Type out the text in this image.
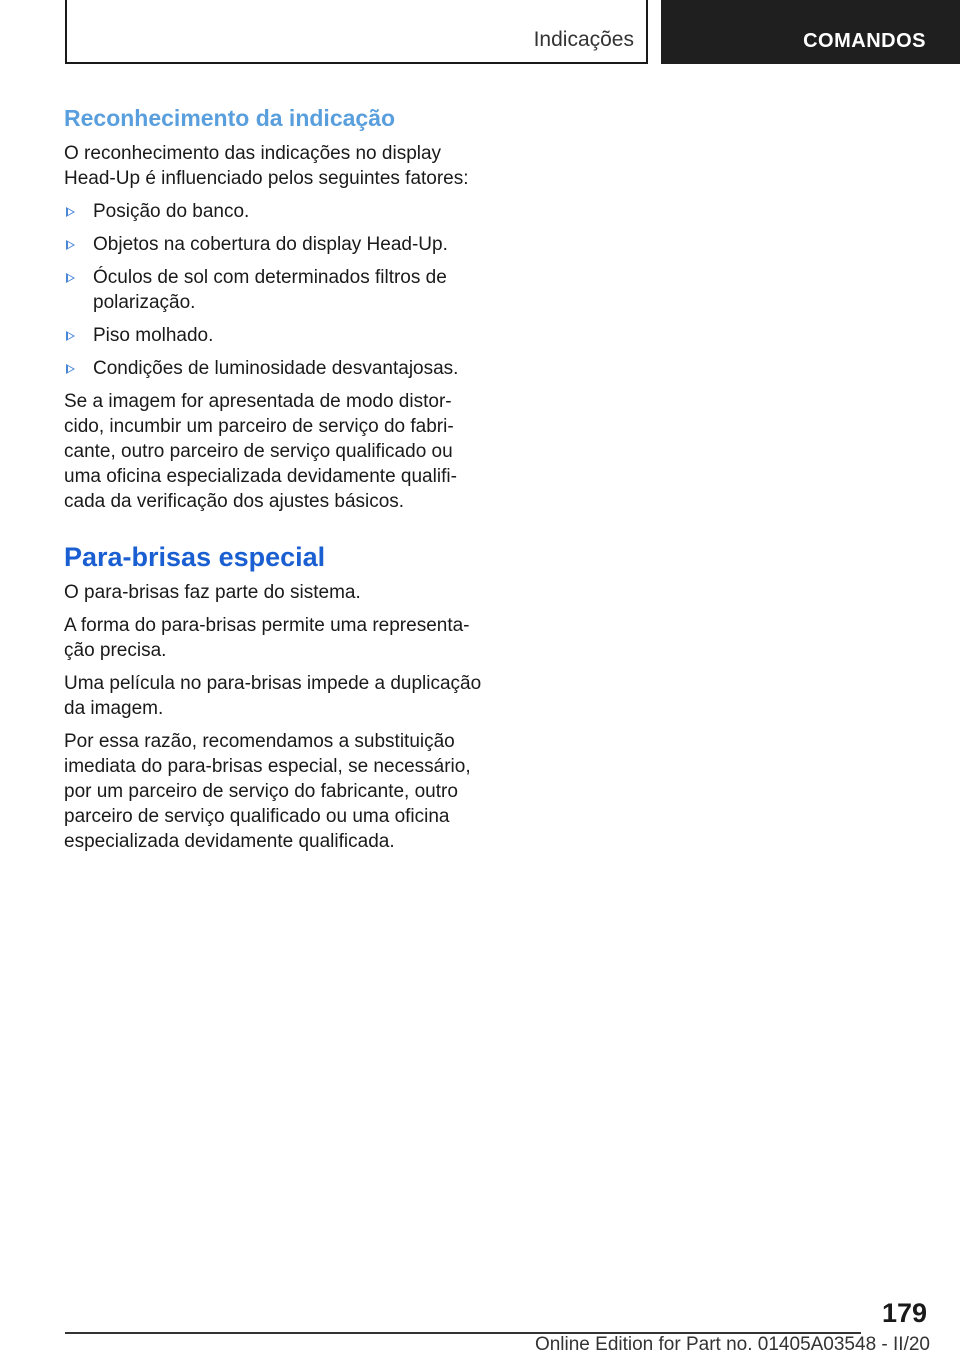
Indicações	COMANDOS
Reconhecimento da indicação

O reconhecimento das indicações no display Head-Up é influenciado pelos seguintes fatores:

Posição do banco.
Objetos na cobertura do display Head-Up.
Óculos de sol com determinados filtros de polarização.
Piso molhado.
Condições de luminosidade desvantajosas.

Se a imagem for apresentada de modo distor-cido, incumbir um parceiro de serviço do fabri-cante, outro parceiro de serviço qualificado ou uma oficina especializada devidamente qualifi-cada da verificação dos ajustes básicos.

Para-brisas especial

O para-brisas faz parte do sistema.

A forma do para-brisas permite uma representa-ção precisa.

Uma película no para-brisas impede a duplicação da imagem.

Por essa razão, recomendamos a substituição imediata do para-brisas especial, se necessário, por um parceiro de serviço do fabricante, outro parceiro de serviço qualificado ou uma oficina especializada devidamente qualificada.

179
Online Edition for Part no. 01405A03548 - II/20
